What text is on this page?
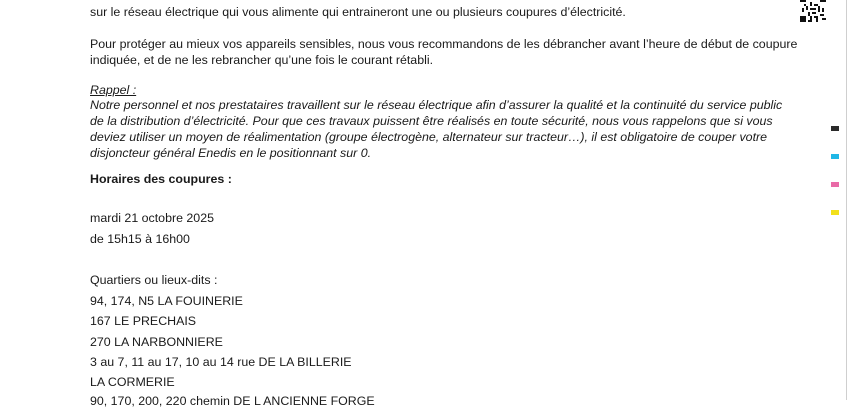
sur le réseau électrique qui vous alimente qui entraineront une ou plusieurs coupures d’électricité.
Pour protéger au mieux vos appareils sensibles, nous vous recommandons de les débrancher avant l’heure de début de coupure
indiquée, et de ne les rebrancher qu’une fois le courant rétabli.
Rappel :
Notre personnel et nos prestataires travaillent sur le réseau électrique afin d’assurer la qualité et la continuité du service public
de la distribution d’électricité. Pour que ces travaux puissent être réalisés en toute sécurité, nous vous rappelons que si vous
deviez utiliser un moyen de réalimentation (groupe électrogène, alternateur sur tracteur…), il est obligatoire de couper votre
disjoncteur général Enedis en le positionnant sur 0.
Horaires des coupures :
mardi 21 octobre 2025
de 15h15 à 16h00
Quartiers ou lieux-dits :
94, 174, N5 LA FOUINERIE
167 LE PRECHAIS
270 LA NARBONNIERE
3 au 7, 11 au 17, 10 au 14 rue DE LA BILLERIE
LA CORMERIE
90, 170, 200, 220 chemin DE L ANCIENNE FORGE
